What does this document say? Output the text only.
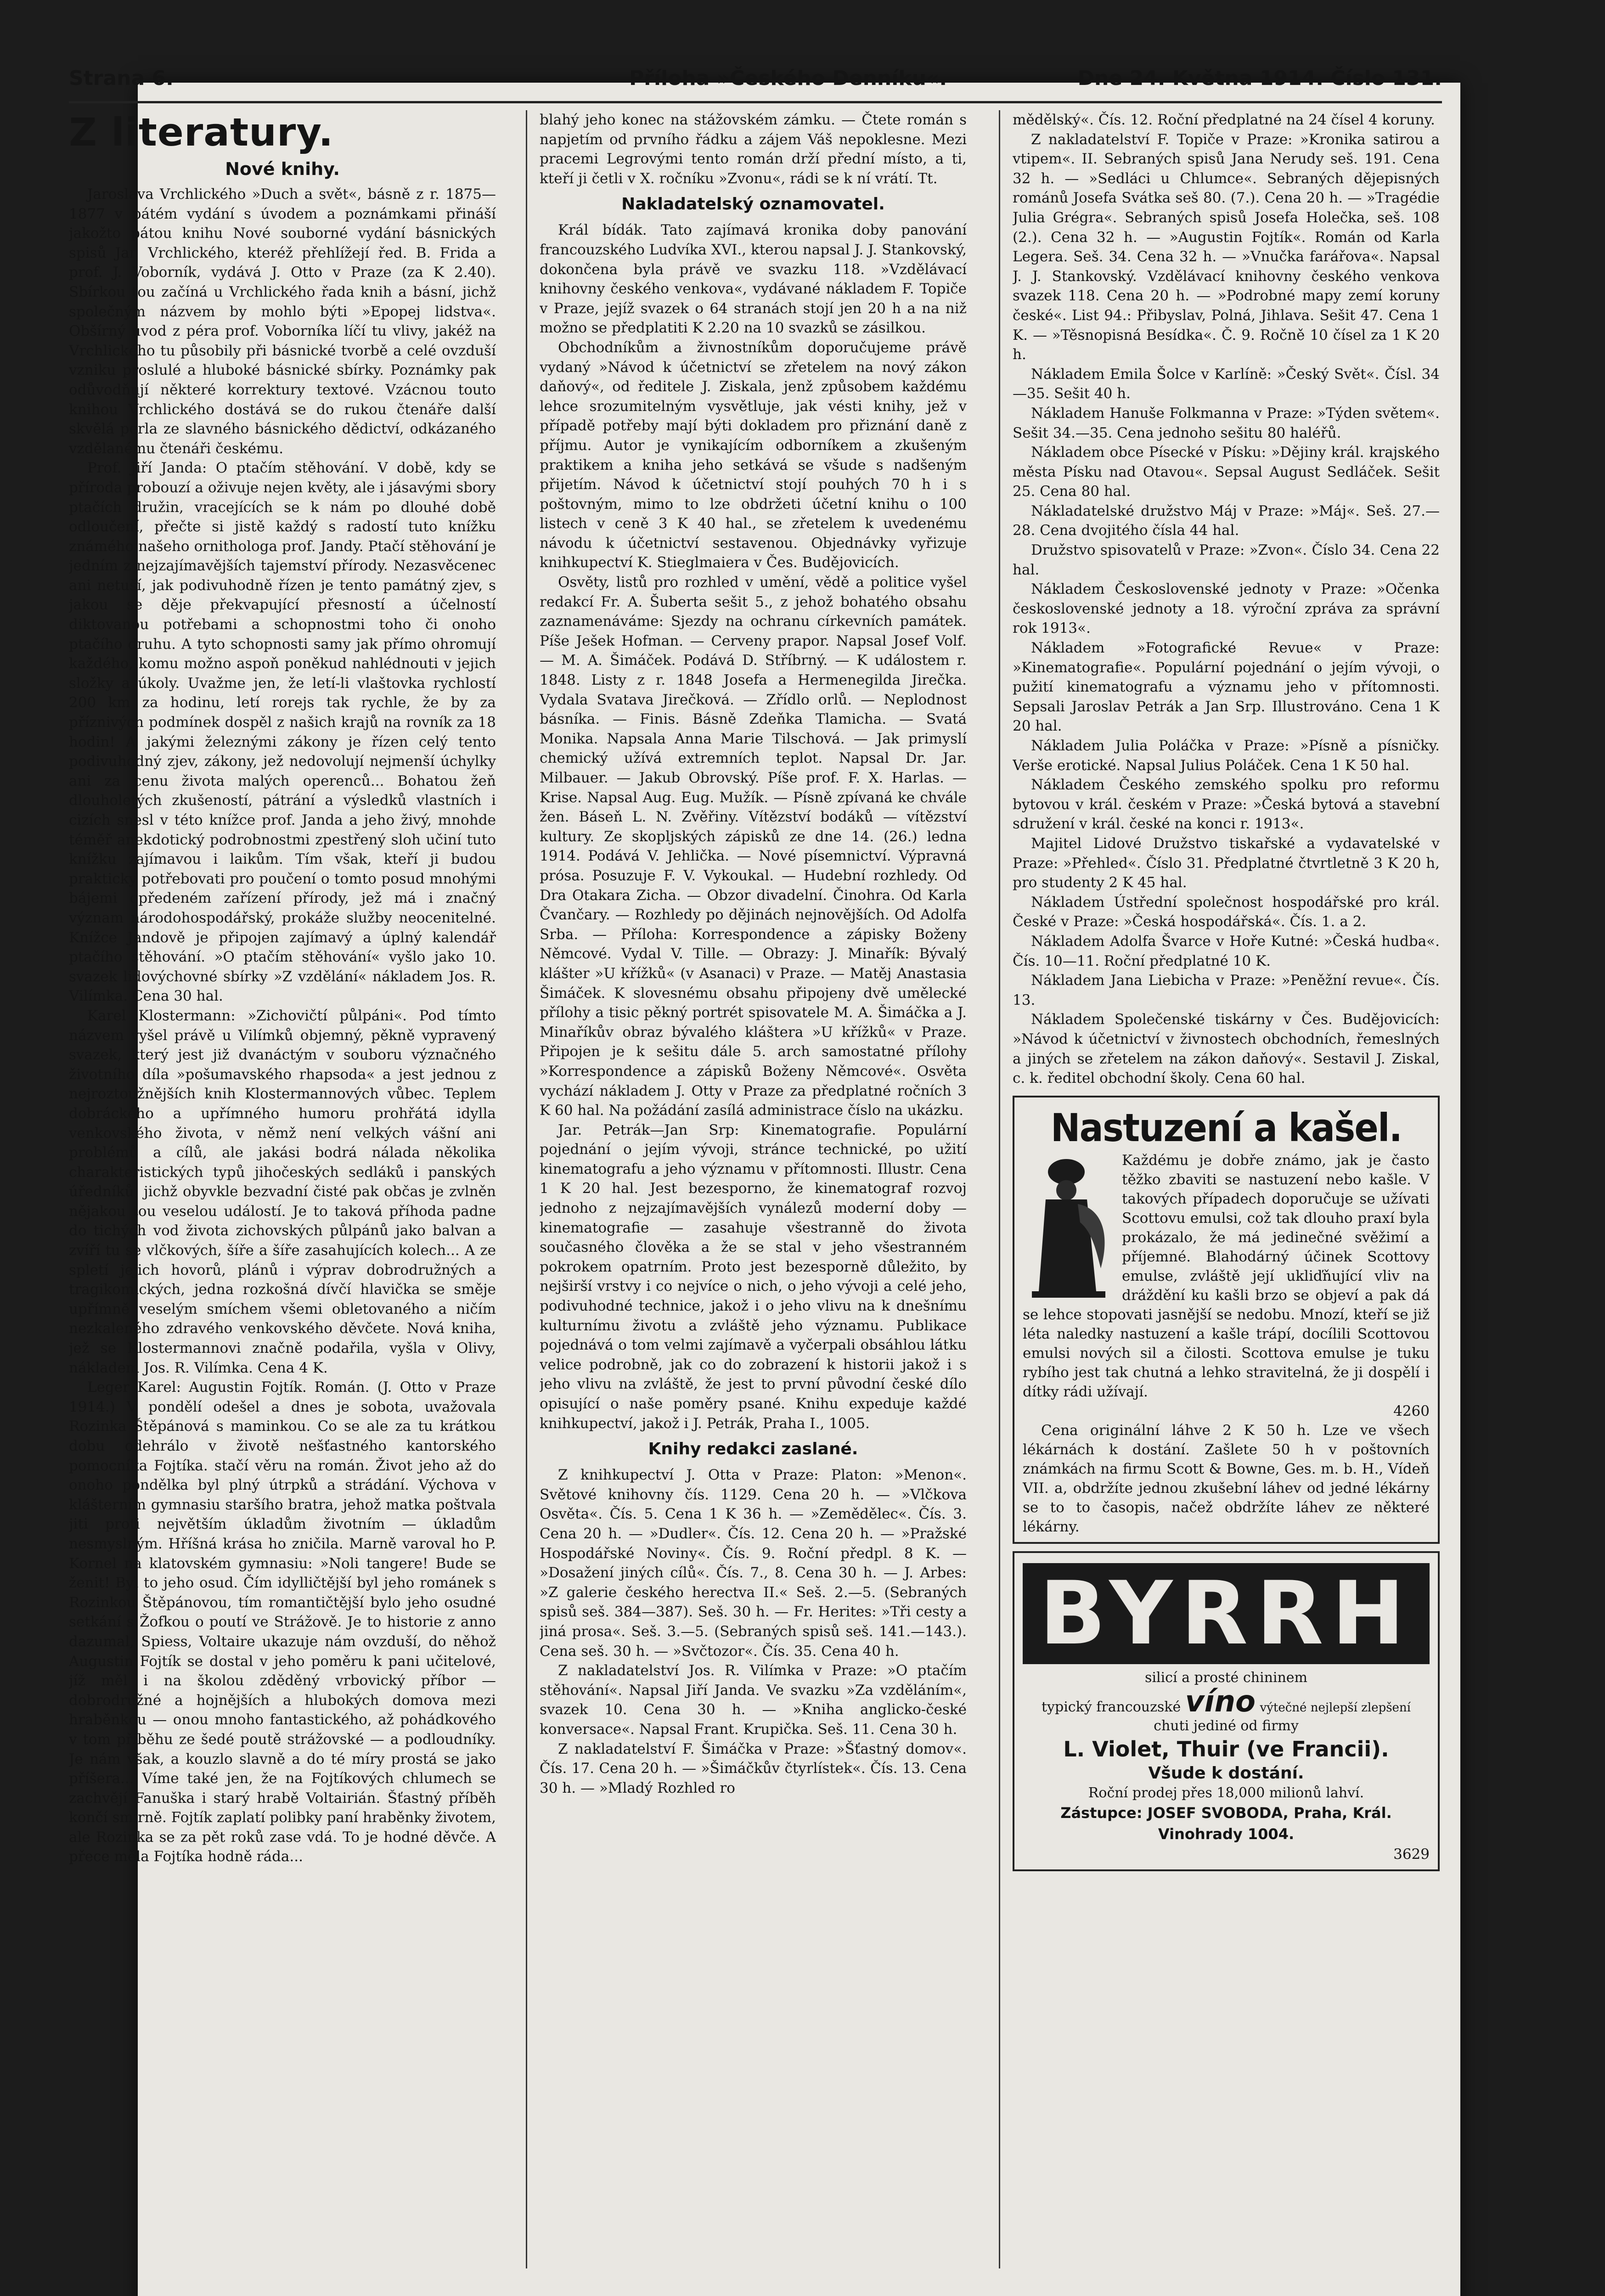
Strana 6.	Příloha »Českého Denníku«.	Dne 24. Května 1914. Číslo 131.
Z literatury.
Nové knihy.

Jaroslava Vrchlického »Duch a svět«, básně z r. 1875—1877 v pátém vydání s úvodem a poznámkami přináší jakožto pátou knihu Nové souborné vydání básnických spisů Jar. Vrchlického, kteréž přehlížejí řed. B. Frida a prof. J. Voborník, vydává J. Otto v Praze (za K 2.40). Sbírkou tou začíná u Vrchlického řada knih a básní, jichž společným názvem by mohlo býti »Epopej lidstva«. Obšírný úvod z péra prof. Voborníka líčí tu vlivy, jakéž na Vrchlického tu působily při básnické tvorbě a celé ovzduší vzniku proslulé a hluboké básnické sbírky. Poznámky pak odůvodňují některé korrektury textové. Vzácnou touto knihou Vrchlického dostává se do rukou čtenáře další skvělá perla ze slavného básnického dědictví, odkázaného vzdělanému čtenáři českému.

Prof. Jiří Janda: O ptačím stěhování. V době, kdy se příroda probouzí a oživuje nejen květy, ale i jásavými sbory ptačích družin, vracejících se k nám po dlouhé době odloučení, přečte si jistě každý s radostí tuto knížku známého našeho ornithologa prof. Jandy. Ptačí stěhování je jedním z nejzajímavějších tajemství přírody. Nezasvěcenec ani netuší, jak podivuhodně řízen je tento památný zjev, s jakou se děje překvapující přesností a účelností diktovanou potřebami a schopnostmi toho či onoho ptačího druhu. A tyto schopnosti samy jak přímo ohromují každého, komu možno aspoň poněkud nahlédnouti v jejich složky a úkoly. Uvažme jen, že letí-li vlaštovka rychlostí 200 km za hodinu, letí rorejs tak rychle, že by za příznivých podmínek dospěl z našich krajů na rovník za 18 hodin! A jakými železnými zákony je řízen celý tento podivuhodný zjev, zákony, jež nedovolují nejmenší úchylky ani za cenu života malých operenců... Bohatou žeň dlouholetých zkušeností, pátrání a výsledků vlastních i cizích snesl v této knížce prof. Janda a jeho živý, mnohde téměř anekdotický podrobnostmi zpestřený sloh učiní tuto knížku zajímavou i laikům. Tím však, kteří ji budou prakticky potřebovati pro poučení o tomto posud mnohými bájemi opředeném zařízení přírody, jež má i značný význam národohospodářský, prokáže služby neocenitelné. Knížce Jandově je připojen zajímavý a úplný kalendář ptačího stěhování. »O ptačím stěhování« vyšlo jako 10. svazek lidovýchovné sbírky »Z vzdělání« nákladem Jos. R. Vilímka. Cena 30 hal.

Karel Klostermann: »Zichovičtí půlpáni«. Pod tímto názvem vyšel právě u Vilímků objemný, pěkně vypravený svazek, který jest již dvanáctým v souboru význačného životního díla »pošumavského rhapsoda« a jest jednou z nejroztoužnějších knih Klostermannových vůbec. Teplem dobráckého a upřímného humoru prohřátá idylla venkovského života, v němž není velkých vášní ani problémů a cílů, ale jakási bodrá nálada několika charakteristických typů jihočeských sedláků i panských úředníků, jichž obyvkle bezvadní čisté pak občas je zvlněn nějakou tou veselou událostí. Je to taková příhoda padne do tichých vod života zichovských půlpánů jako balvan a zvíří tu se vlčkových, šíře a šíře zasahujících kolech... A ze spletí jejich hovorů, plánů i výprav dobrodružných a tragikomických, jedna rozkošná dívčí hlavička se směje upřímně veselým smíchem všemi obletovaného a ničím nezkaleného zdravého venkovského děvčete. Nová kniha, jež se Klostermannovi značně podařila, vyšla v Olivy, nákladem Jos. R. Vilímka. Cena 4 K.

Leger Karel: Augustin Fojtík. Román. (J. Otto v Praze 1914.) V pondělí odešel a dnes je sobota, uvažovala Rozinka Štěpánová s maminkou. Co se ale za tu krátkou dobu odehrálo v životě nešťastného kantorského pomocníka Fojtíka. stačí věru na román. Život jeho až do onoho pondělka byl plný útrpků a strádání. Výchova v klášterním gymnasiu staršího bratra, jehož matka poštvala jiti proti největším úkladům životním — úkladům nesmyslným. Hříšná krása ho zničila. Marně varoval ho P. Kornel na klatovském gymnasiu: »Noli tangere! Bude se ženit! Byl to jeho osud. Čím idylličtější byl jeho románek s Rozinkou Štěpánovou, tím romantičtější bylo jeho osudné setkání s Žofkou o poutí ve Strážově. Je to historie z anno dazumal, Spiess, Voltaire ukazuje nám ovzduší, do něhož Augustin Fojtík se dostal v jeho poměru k pani učitelové, jíž měl i na školou zděděný vrbovický příbor — dobrodružné a hojnějších a hlubokých domova mezi hraběnkou — onou mnoho fantastického, až pohádkového v tom příběhu ze šedé poutě strážovské — a podloudníky. Je nám však, a kouzlo slavně a do té míry prostá se jako příšera... Víme také jen, že na Fojtíkových chlumech se zachvějí Fanuška i starý hrabě Voltairián. Šťastný příběh končí smírně. Fojtík zaplatí polibky paní hraběnky životem, ale Rozinka se za pět roků zase vdá. To je hodné děvče. A přece měla Fojtíka hodně ráda...

blahý jeho konec na stážovském zámku. — Čtete román s napjetím od prvního řádku a zájem Váš nepoklesne. Mezi pracemi Legrovými tento román drží přední místo, a ti, kteří ji četli v X. ročníku »Zvonu«, rádi se k ní vrátí. Tt.

Nakladatelský oznamovatel.

Král bídák. Tato zajímavá kronika doby panování francouzského Ludvíka XVI., kterou napsal J. J. Stankovský, dokončena byla právě ve svazku 118. »Vzdělávací knihovny českého venkova«, vydávané nákladem F. Topiče v Praze, jejíž svazek o 64 stranách stojí jen 20 h a na niž možno se předplatiti K 2.20 na 10 svazků se zásilkou.

Obchodníkům a živnostníkům doporučujeme právě vydaný »Návod k účetnictví se zřetelem na nový zákon daňový«, od ředitele J. Ziskala, jenž způsobem každému lehce srozumitelným vysvětluje, jak vésti knihy, jež v případě potřeby mají býti dokladem pro přiznání daně z příjmu. Autor je vynikajícím odborníkem a zkušeným praktikem a kniha jeho setkává se všude s nadšeným přijetím. Návod k účetnictví stojí pouhých 70 h i s poštovným, mimo to lze obdržeti účetní knihu o 100 listech v ceně 3 K 40 hal., se zřetelem k uvedenému návodu k účetnictví sestavenou. Objednávky vyřizuje knihkupectví K. Stieglmaiera v Čes. Budějovicích.

Osvěty, listů pro rozhled v umění, vědě a politice vyšel redakcí Fr. A. Šuberta sešit 5., z jehož bohatého obsahu zaznamenáváme: Sjezdy na ochranu církevních památek. Píše Ješek Hofman. — Cerveny prapor. Napsal Josef Volf. — M. A. Šimáček. Podává D. Stříbrný. — K událostem r. 1848. Listy z r. 1848 Josefa a Hermenegilda Jirečka. Vydala Svatava Jirečková. — Zřídlo orlů. — Neplodnost básníka. — Finis. Básně Zdeňka Tlamicha. — Svatá Monika. Napsala Anna Marie Tilschová. — Jak primyslí chemický užívá extremních teplot. Napsal Dr. Jar. Milbauer. — Jakub Obrovský. Píše prof. F. X. Harlas. — Krise. Napsal Aug. Eug. Mužík. — Písně zpívaná ke chvále žen. Báseň L. N. Zvěřiny. Vítězství bodáků — vítězství kultury. Ze skopljských zápisků ze dne 14. (26.) ledna 1914. Podává V. Jehlička. — Nové písemnictví. Výpravná prósa. Posuzuje F. V. Vykoukal. — Hudební rozhledy. Od Dra Otakara Zicha. — Obzor divadelní. Činohra. Od Karla Čvančary. — Rozhledy po dějinách nejnovějších. Od Adolfa Srba. — Příloha: Korrespondence a zápisky Boženy Němcové. Vydal V. Tille. — Obrazy: J. Minařík: Bývalý klášter »U křížků« (v Asanaci) v Praze. — Matěj Anastasia Šimáček. K slovesnému obsahu připojeny dvě umělecké přílohy a tisic pěkný portrét spisovatele M. A. Šimáčka a J. Minaříkův obraz bývalého kláštera »U křížků« v Praze. Připojen je k sešitu dále 5. arch samostatné přílohy »Korrespondence a zápisků Boženy Němcové«. Osvěta vychází nákladem J. Otty v Praze za předplatné ročních 3 K 60 hal. Na požádání zasílá administrace číslo na ukázku.

Jar. Petrák—Jan Srp: Kinematografie. Populární pojednání o jejím vývoji, stránce technické, po užití kinematografu a jeho významu v přítomnosti. Illustr. Cena 1 K 20 hal. Jest bezesporno, že kinematograf rozvoj jednoho z nejzajímavějších vynálezů moderní doby — kinematografie — zasahuje všestranně do života současného člověka a že se stal v jeho všestranném pokrokem opatrním. Proto jest bezesporně důležito, by nejširší vrstvy i co nejvíce o nich, o jeho vývoji a celé jeho, podivuhodné technice, jakož i o jeho vlivu na k dnešnímu kulturnímu životu a zvláště jeho významu. Publikace pojednává o tom velmi zajímavě a vyčerpali obsáhlou látku velice podrobně, jak co do zobrazení k historii jakož i s jeho vlivu na zvláště, že jest to první původní české dílo opisující o naše poměry psané. Knihu expeduje každé knihkupectví, jakož i J. Petrák, Praha I., 1005.

Knihy redakci zaslané.

Z knihkupectví J. Otta v Praze: Platon: »Menon«. Světové knihovny čís. 1129. Cena 20 h. — »Vlčkova Osvěta«. Čís. 5. Cena 1 K 36 h. — »Zemědělec«. Čís. 3. Cena 20 h. — »Dudler«. Čís. 12. Cena 20 h. — »Pražské Hospodářské Noviny«. Čís. 9. Roční předpl. 8 K. — »Dosažení jiných cílů«. Čís. 7., 8. Cena 30 h. — J. Arbes: »Z galerie českého herectva II.« Seš. 2.—5. (Sebraných spisů seš. 384—387). Seš. 30 h. — Fr. Herites: »Tři cesty a jiná prosa«. Seš. 3.—5. (Sebraných spisů seš. 141.—143.). Cena seš. 30 h. — »Svčtozor«. Čís. 35. Cena 40 h.

Z nakladatelství Jos. R. Vilímka v Praze: »O ptačím stěhování«. Napsal Jiří Janda. Ve svazku »Za vzděláním«, svazek 10. Cena 30 h. — »Kniha anglicko-české konversace«. Napsal Frant. Krupička. Seš. 11. Cena 30 h.

Z nakladatelství F. Šimáčka v Praze: »Šťastný domov«. Čís. 17. Cena 20 h. — »Šimáčkův čtyrlístek«. Čís. 13. Cena 30 h. — »Mladý Rozhled ro

mědělský«. Čís. 12. Roční předplatné na 24 čísel 4 koruny.

Z nakladatelství F. Topiče v Praze: »Kronika satirou a vtipem«. II. Sebraných spisů Jana Nerudy seš. 191. Cena 32 h. — »Sedláci u Chlumce«. Sebraných dějepisných románů Josefa Svátka seš 80. (7.). Cena 20 h. — »Tragédie Julia Grégra«. Sebraných spisů Josefa Holečka, seš. 108 (2.). Cena 32 h. — »Augustin Fojtík«. Román od Karla Legera. Seš. 34. Cena 32 h. — »Vnučka farářova«. Napsal J. J. Stankovský. Vzdělávací knihovny českého venkova svazek 118. Cena 20 h. — »Podrobné mapy zemí koruny české«. List 94.: Přibyslav, Polná, Jihlava. Sešit 47. Cena 1 K. — »Těsnopisná Besídka«. Č. 9. Ročně 10 čísel za 1 K 20 h.

Nákladem Emila Šolce v Karlíně: »Český Svět«. Čísl. 34—35. Sešit 40 h.

Nákladem Hanuše Folkmanna v Praze: »Týden světem«. Sešit 34.—35. Cena jednoho sešitu 80 haléřů.

Nákladem obce Písecké v Písku: »Dějiny král. krajského města Písku nad Otavou«. Sepsal August Sedláček. Sešit 25. Cena 80 hal.

Nákladatelské družstvo Máj v Praze: »Máj«. Seš. 27.—28. Cena dvojitého čísla 44 hal.

Družstvo spisovatelů v Praze: »Zvon«. Číslo 34. Cena 22 hal.

Nákladem Československé jednoty v Praze: »Očenka československé jednoty a 18. výroční zpráva za správní rok 1913«.

Nákladem »Fotografické Revue« v Praze: »Kinematografie«. Populární pojednání o jejím vývoji, o pužití kinematografu a významu jeho v přítomnosti. Sepsali Jaroslav Petrák a Jan Srp. Illustrováno. Cena 1 K 20 hal.

Nákladem Julia Poláčka v Praze: »Písně a písničky. Verše erotické. Napsal Julius Poláček. Cena 1 K 50 hal.

Nákladem Českého zemského spolku pro reformu bytovou v král. českém v Praze: »Česká bytová a stavební sdružení v král. české na konci r. 1913«.

Majitel Lidové Družstvo tiskařské a vydavatelské v Praze: »Přehled«. Číslo 31. Předplatné čtvrtletně 3 K 20 h, pro studenty 2 K 45 hal.

Nákladem Ústřední společnost hospodářské pro král. České v Praze: »Česká hospodářská«. Čís. 1. a 2.

Nákladem Adolfa Švarce v Hoře Kutné: »Česká hudba«. Čís. 10—11. Roční předplatné 10 K.

Nákladem Jana Liebicha v Praze: »Peněžní revue«. Čís. 13.

Nákladem Společenské tiskárny v Čes. Budějovicích: »Návod k účetnictví v živnostech obchodních, řemeslných a jiných se zřetelem na zákon daňový«. Sestavil J. Ziskal, c. k. ředitel obchodní školy. Cena 60 hal.

Nastuzení a kašel.
Každému je dobře známo, jak je často těžko zbaviti se nastuzení nebo kašle. V takových případech doporučuje se užívati Scottovu emulsi, což tak dlouho praxí byla prokázalo, že má jedinečné svěžimí a příjemné. Blahodárný účinek Scottovy emulse, zvláště její ukliďňující vliv na dráždění ku kašli brzo se objeví a pak dá se lehce stopovati jasnější se nedobu. Mnozí, kteří se již léta naledky nastuzení a kašle trápí, docílili Scottovou emulsi nových sil a čilosti. Scottova emulse je tuku rybího jest tak chutná a lehko stravitelná, že ji dospělí i dítky rádi užívají.
4260
Cena originální láhve 2 K 50 h. Lze ve všech lékárnách k dostání. Zašlete 50 h v poštovních známkách na firmu Scott & Bowne, Ges. m. b. H., Vídeň VII. a, obdržíte jednou zkušební láhev od jedné lékárny se to to časopis, načež obdržíte láhev ze některé lékárny.
BYRRH
silicí a prosté chininem
typický francouzské víno výtečné nejlepší zlepšení
chuti jediné od firmy
L. Violet, Thuir (ve Francii).
Všude k dostání.
Roční prodej přes 18,000 milionů lahví.
Zástupce: JOSEF SVOBODA, Praha, Král. Vinohrady 1004.
3629
